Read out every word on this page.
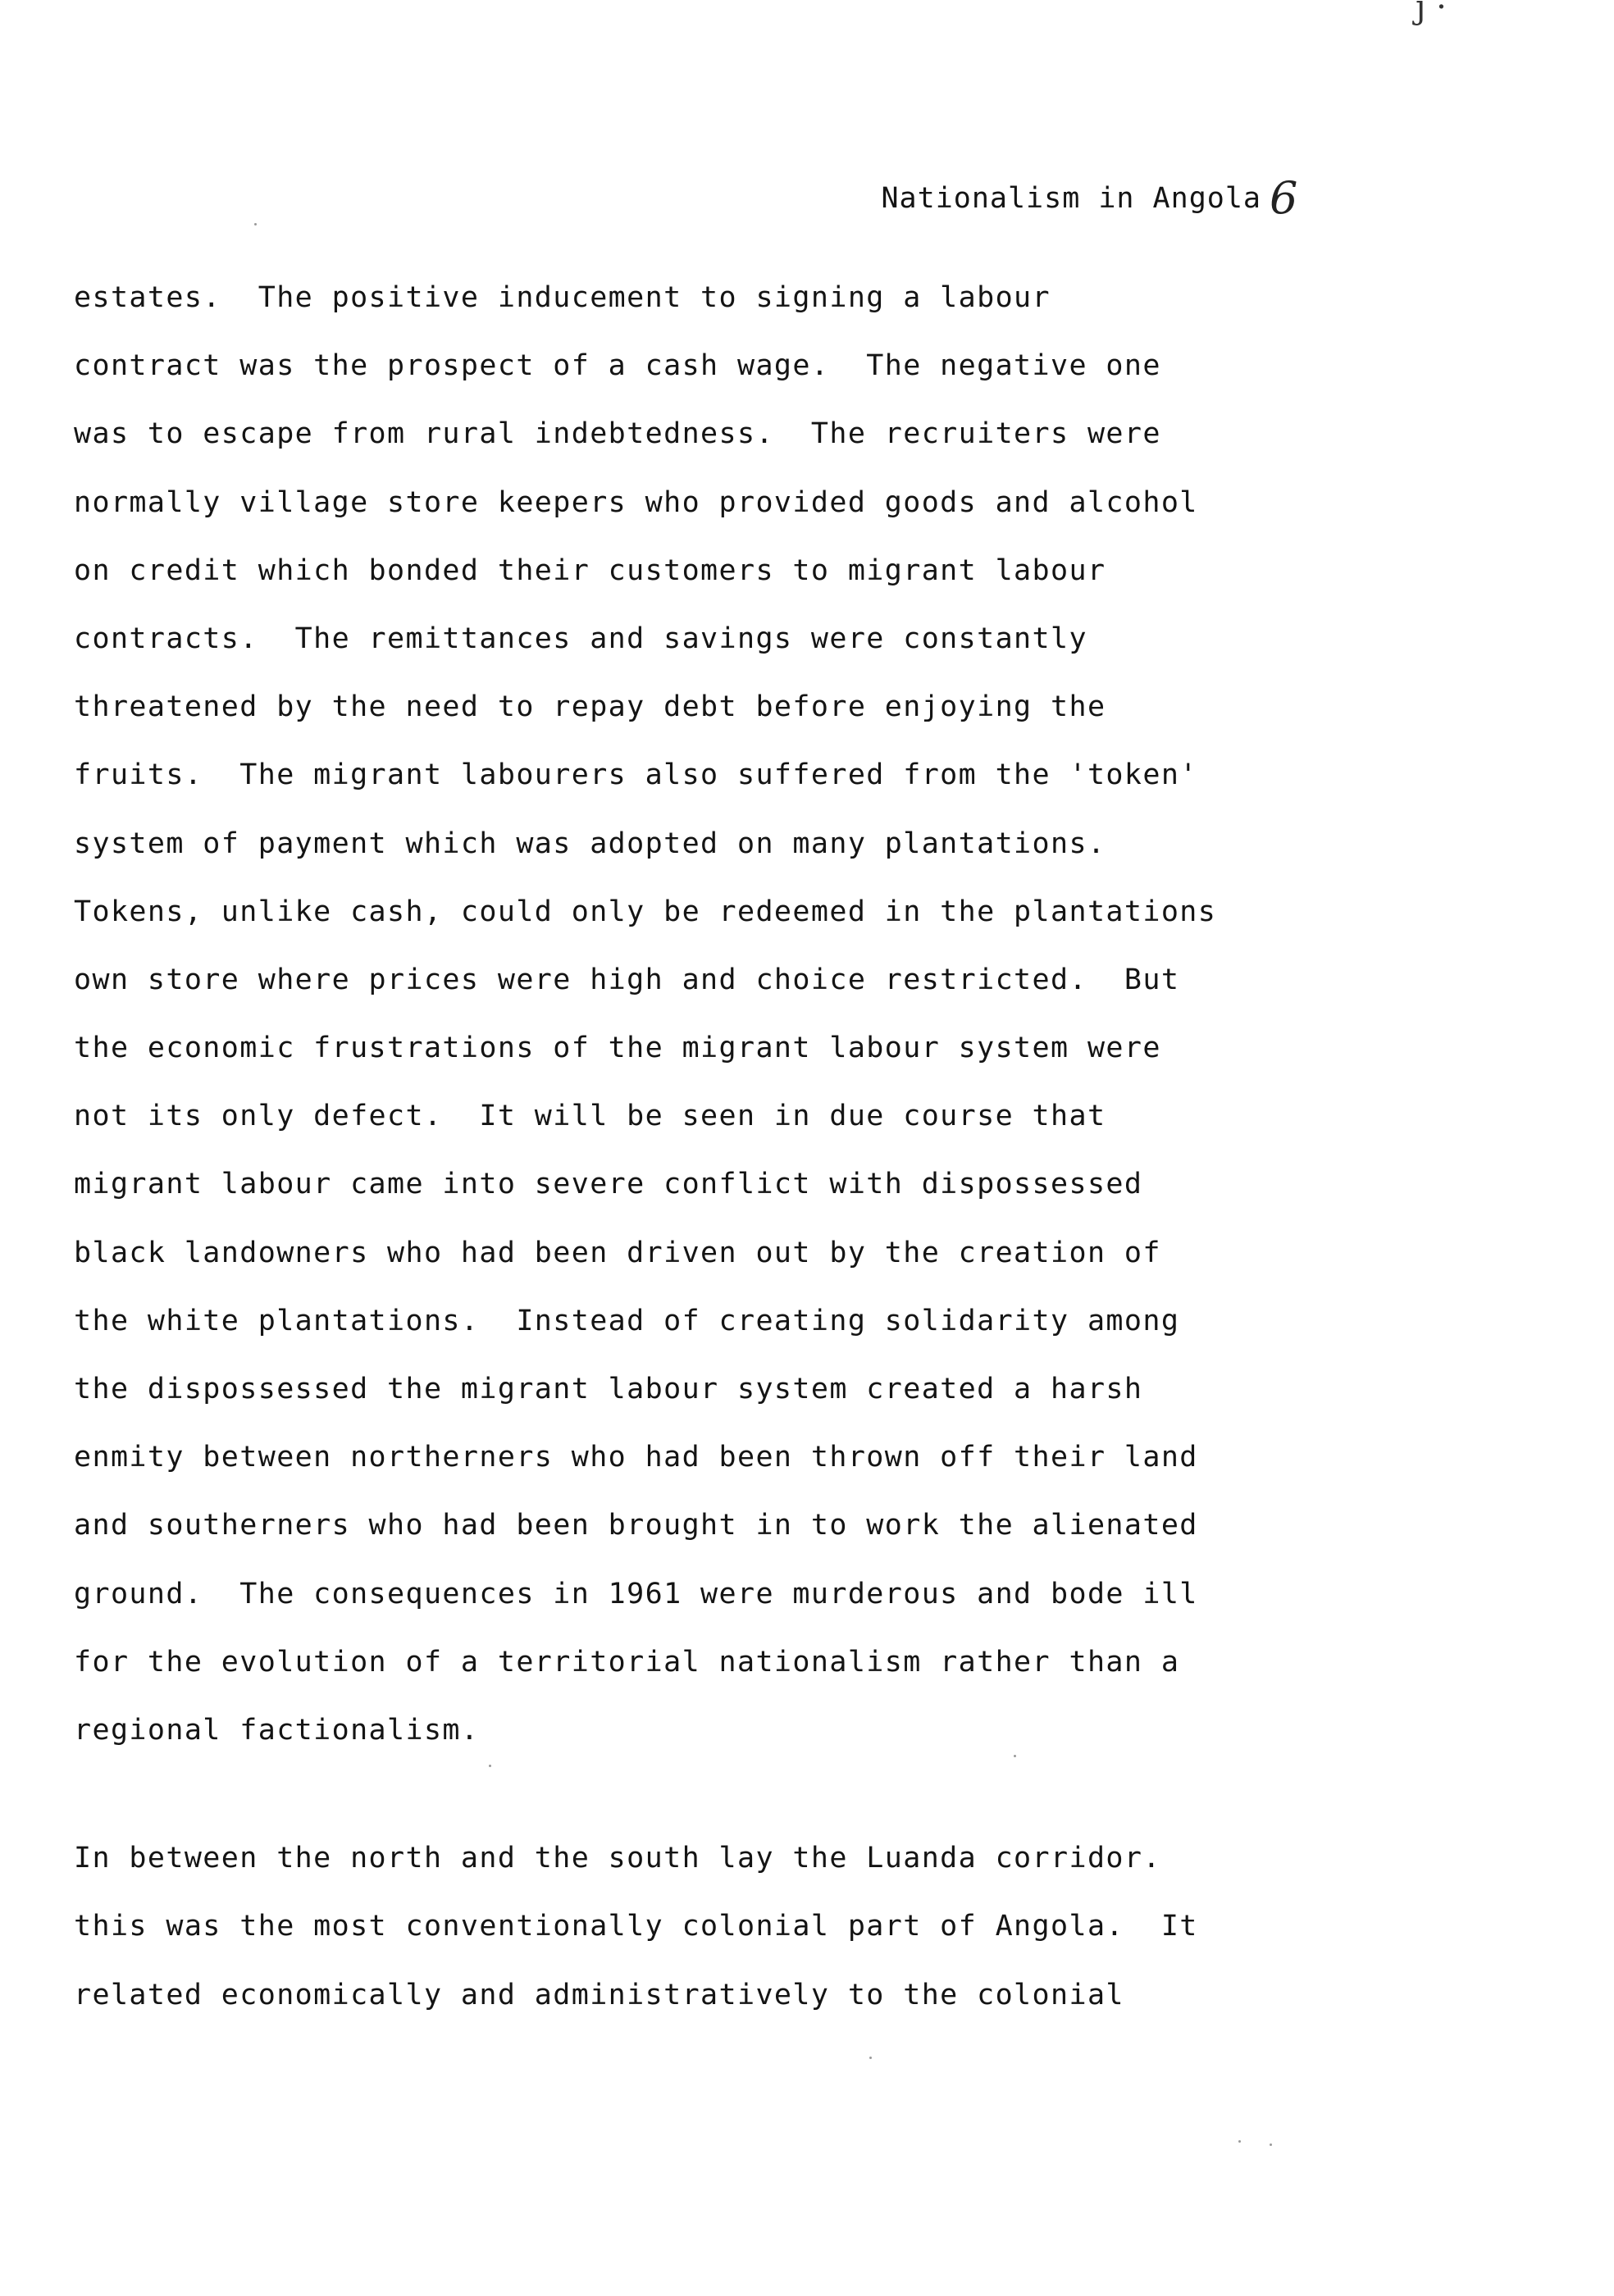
ȷ ·
Nationalism in Angola 6
estates.  The positive inducement to signing a labour
contract was the prospect of a cash wage.  The negative one
was to escape from rural indebtedness.  The recruiters were
normally village store keepers who provided goods and alcohol
on credit which bonded their customers to migrant labour
contracts.  The remittances and savings were constantly
threatened by the need to repay debt before enjoying the
fruits.  The migrant labourers also suffered from the 'token'
system of payment which was adopted on many plantations.
Tokens, unlike cash, could only be redeemed in the plantations
own store where prices were high and choice restricted.  But
the economic frustrations of the migrant labour system were
not its only defect.  It will be seen in due course that
migrant labour came into severe conflict with dispossessed
black landowners who had been driven out by the creation of
the white plantations.  Instead of creating solidarity among
the dispossessed the migrant labour system created a harsh
enmity between northerners who had been thrown off their land
and southerners who had been brought in to work the alienated
ground.  The consequences in 1961 were murderous and bode ill
for the evolution of a territorial nationalism rather than a
regional factionalism.
In between the north and the south lay the Luanda corridor.
this was the most conventionally colonial part of Angola.  It
related economically and administratively to the colonial
